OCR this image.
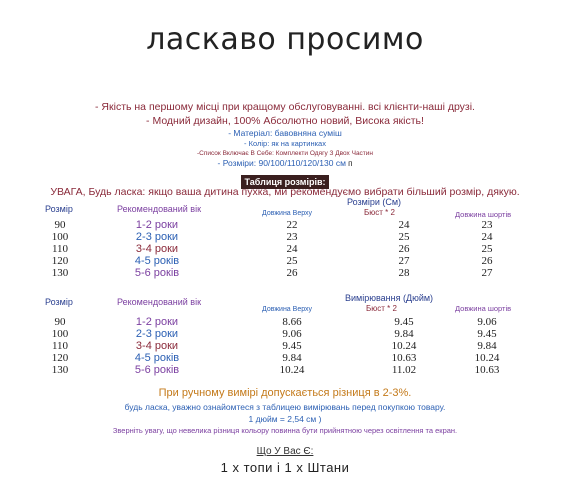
ласкаво просимо
- Якість на першому місці при кращому обслуговуванні. всі клієнти-наші друзі.
- Модний дизайн, 100% Абсолютно новий, Висока якість!
- Матеріал: бавовняна суміш
- Колір: як на картинках
-Список Включає В Себе: Комплекти Одягу З Двох Частин
- Розміри: 90/100/110/120/130 см п
Таблиця розмірів:
УВАГА, Будь ласка: якщо ваша дитина пухка, ми рекомендуємо вибрати більший розмір, дякую.
Розмір	Рекомендований вік
Розміри (См)
Довжина Верху	Бюст * 2	Довжина шортів
90	1-2 роки	22	24	23
100	2-3 роки	23	25	24
110	3-4 роки	24	26	25
120	4-5 років	25	27	26
130	5-6 років	26	28	27
Розмір	Рекомендований вік	Вимірювання (Дюйм)
Довжина Верху	Бюст * 2	Довжина шортів
90	1-2 роки	8.66	9.45	9.06
100	2-3 роки	9.06	9.84	9.45
110	3-4 роки	9.45	10.24	9.84
120	4-5 років	9.84	10.63	10.24
130	5-6 років	10.24	11.02	10.63
При ручному вимірі допускається різниця в 2-3%.
будь ласка, уважно ознайомтеся з таблицею вимірювань перед покупкою товару.
1 дюйм = 2,54 см )
Зверніть увагу, що невелика різниця кольору повинна бути прийнятною через освітлення та екран.
Що У Вас Є:
1 х топи і 1 х Штани
